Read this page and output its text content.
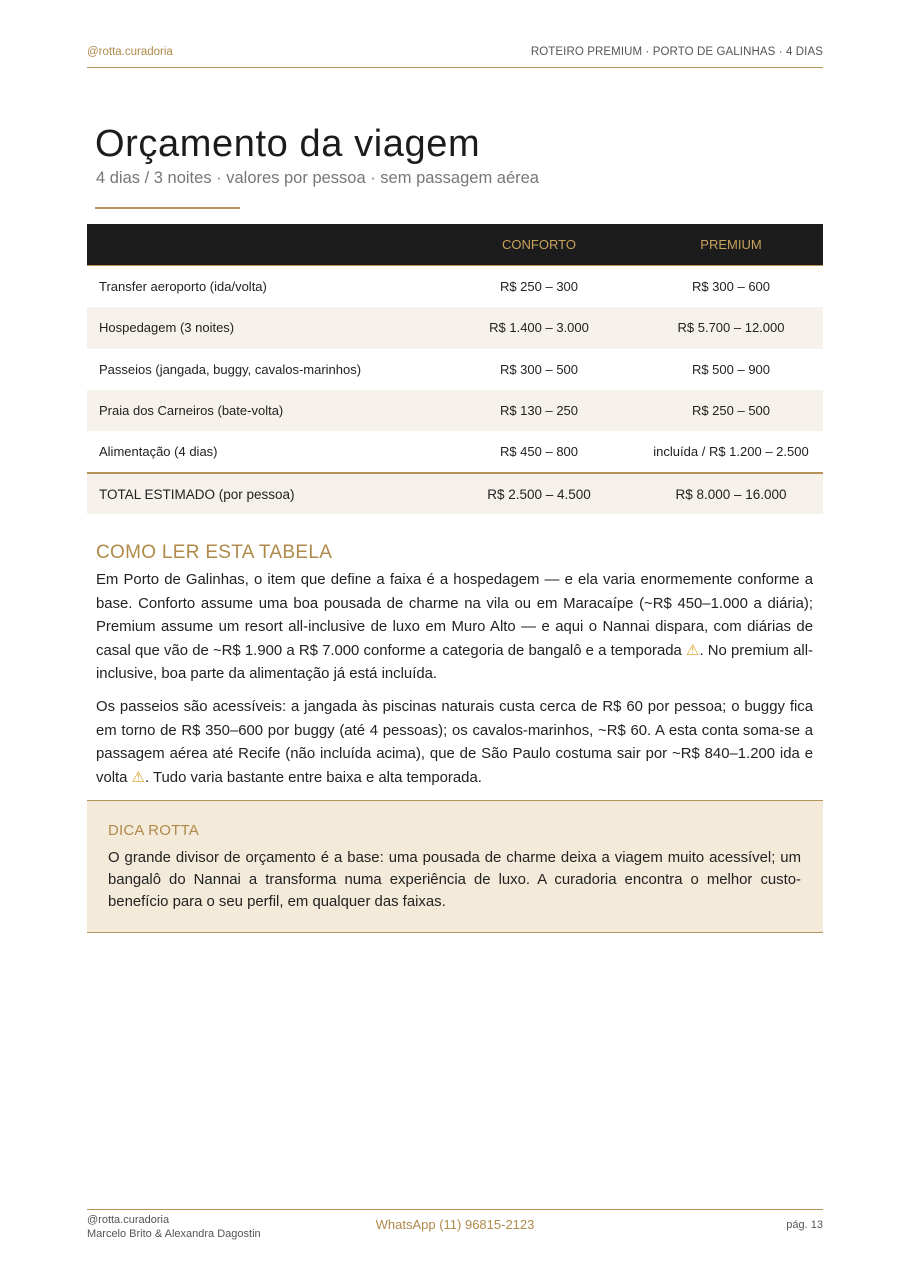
@rotta.curadoria	ROTEIRO PREMIUM · PORTO DE GALINHAS · 4 DIAS
Orçamento da viagem
4 dias / 3 noites · valores por pessoa · sem passagem aérea
	CONFORTO	PREMIUM
Transfer aeroporto (ida/volta)	R$ 250 – 300	R$ 300 – 600
Hospedagem (3 noites)	R$ 1.400 – 3.000	R$ 5.700 – 12.000
Passeios (jangada, buggy, cavalos-marinhos)	R$ 300 – 500	R$ 500 – 900
Praia dos Carneiros (bate-volta)	R$ 130 – 250	R$ 250 – 500
Alimentação (4 dias)	R$ 450 – 800	incluída / R$ 1.200 – 2.500
TOTAL ESTIMADO (por pessoa)	R$ 2.500 – 4.500	R$ 8.000 – 16.000
COMO LER ESTA TABELA

Em Porto de Galinhas, o item que define a faixa é a hospedagem — e ela varia enormemente conforme a base. Conforto assume uma boa pousada de charme na vila ou em Maracaípe (~R$ 450–1.000 a diária); Premium assume um resort all-inclusive de luxo em Muro Alto — e aqui o Nannai dispara, com diárias de casal que vão de ~R$ 1.900 a R$ 7.000 conforme a categoria de bangalô e a temporada ⚠. No premium all-inclusive, boa parte da alimentação já está incluída.

Os passeios são acessíveis: a jangada às piscinas naturais custa cerca de R$ 60 por pessoa; o buggy fica em torno de R$ 350–600 por buggy (até 4 pessoas); os cavalos-marinhos, ~R$ 60. A esta conta soma-se a passagem aérea até Recife (não incluída acima), que de São Paulo costuma sair por ~R$ 840–1.200 ida e volta ⚠. Tudo varia bastante entre baixa e alta temporada.

DICA ROTTA

O grande divisor de orçamento é a base: uma pousada de charme deixa a viagem muito acessível; um bangalô do Nannai a transforma numa experiência de luxo. A curadoria encontra o melhor custo-benefício para o seu perfil, em qualquer das faixas.

@rotta.curadoria
Marcelo Brito & Alexandra Dagostin
WhatsApp (11) 96815-2123	pág. 13
